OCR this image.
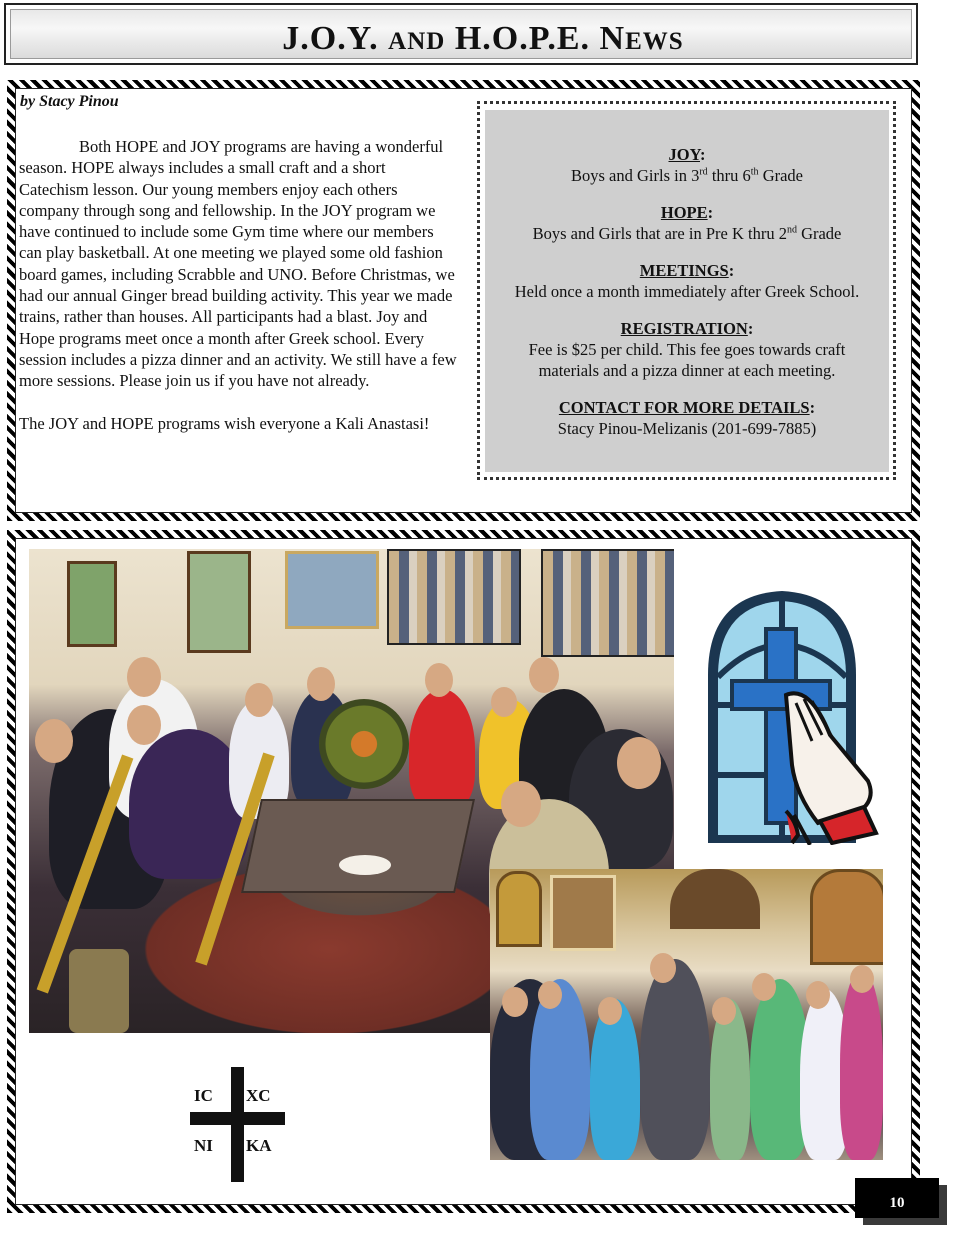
J.O.Y. AND H.O.P.E. NEWS
by Stacy Pinou

Both HOPE and JOY programs are having a wonderful season. HOPE always includes a small craft and a short Catechism lesson. Our young members enjoy each others company through song and fellowship. In the JOY program we have continued to include some Gym time where our members can play basketball. At one meeting we played some old fashion board games, including Scrabble and UNO. Before Christmas, we had our annual Ginger bread building activity. This year we made trains, rather than houses. All participants had a blast. Joy and Hope programs meet once a month after Greek school. Every session includes a pizza dinner and an activity. We still have a few more sessions. Please join us if you have not already.

The JOY and HOPE programs wish everyone a Kali Anastasi!

JOY:
Boys and Girls in 3rd thru 6th Grade
HOPE:
Boys and Girls that are in Pre K thru 2nd Grade
MEETINGS:
Held once a month immediately after Greek School.
REGISTRATION:
Fee is $25 per child. This fee goes towards craft
materials and a pizza dinner at each meeting.
CONTACT FOR MORE DETAILS:
Stacy Pinou-Melizanis (201-699-7885)
IC XC
NI KA
10
